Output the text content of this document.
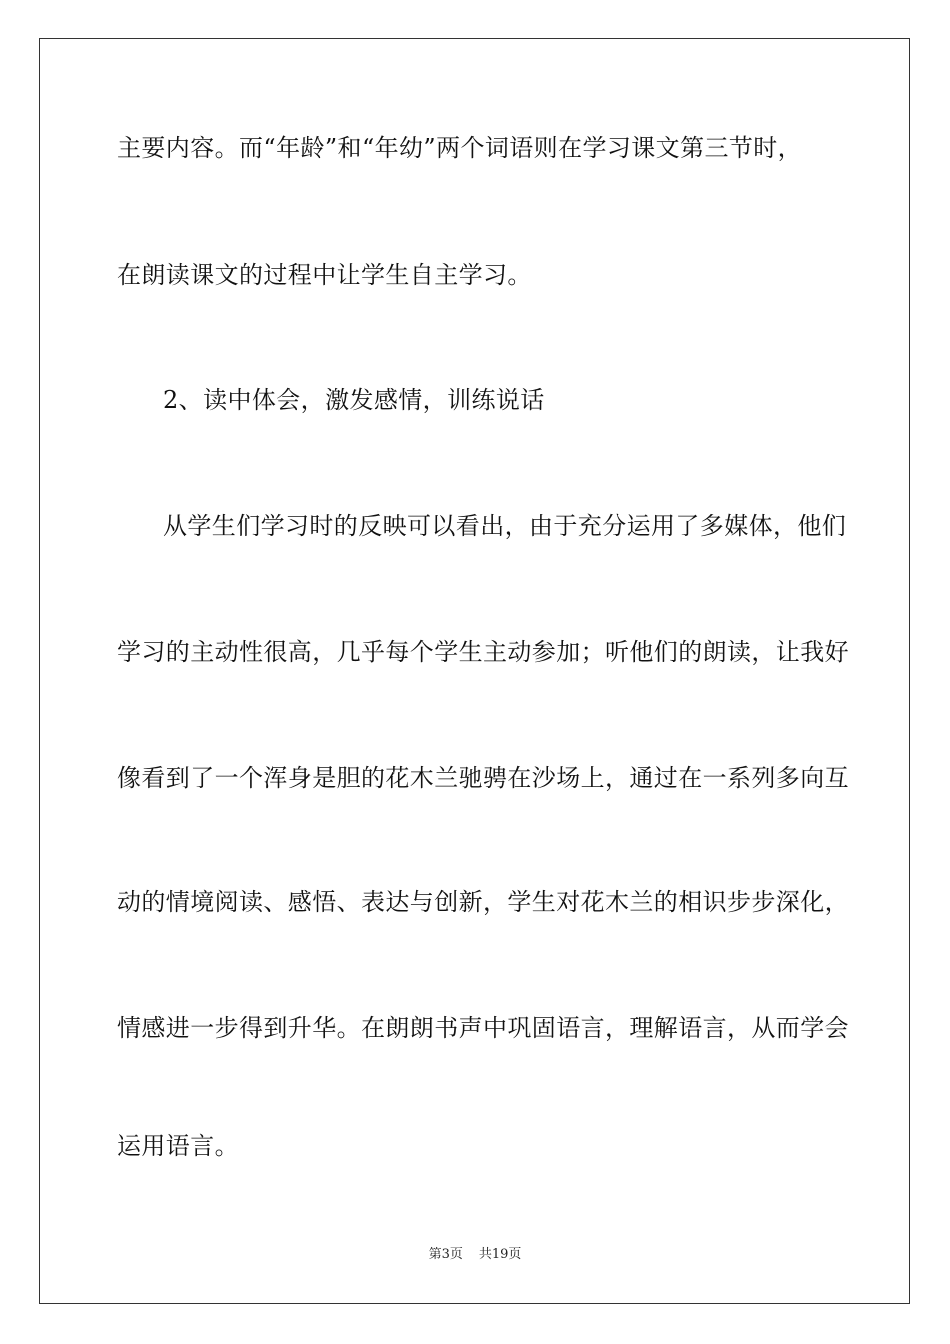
主要内容。而“年龄”和“年幼”两个词语则在学习课文第三节时，
在朗读课文的过程中让学生自主学习。
2、读中体会，激发感情，训练说话
从学生们学习时的反映可以看出，由于充分运用了多媒体，他们
学习的主动性很高，几乎每个学生主动参加；听他们的朗读，让我好
像看到了一个浑身是胆的花木兰驰骋在沙场上，通过在一系列多向互
动的情境阅读、感悟、表达与创新，学生对花木兰的相识步步深化，
情感进一步得到升华。在朗朗书声中巩固语言，理解语言，从而学会
运用语言。
第3页 共19页
